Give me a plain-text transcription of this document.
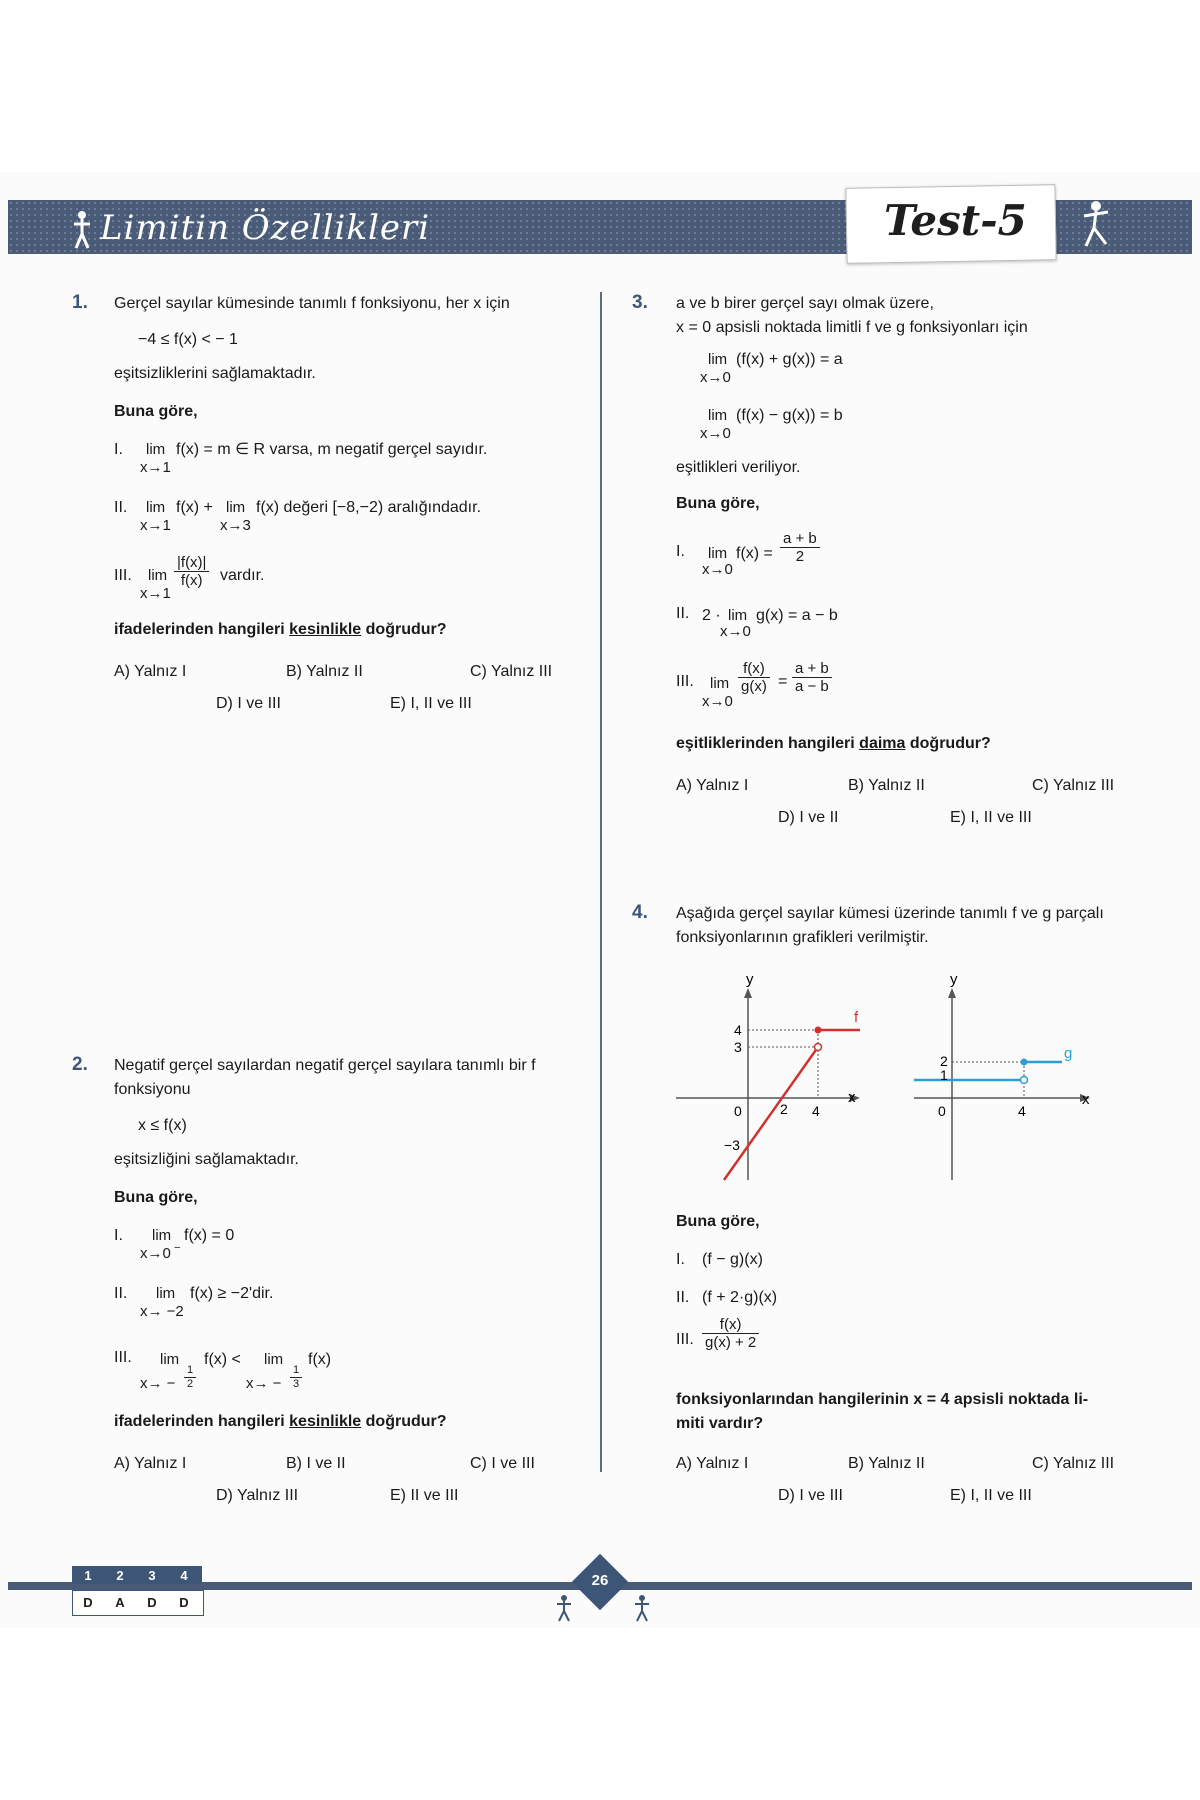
Limitin Özellikleri	Test-5
1. Gerçel sayılar kümesinde tanımlı f fonksiyonu, her x için
−4 ≤ f(x) < − 1
eşitsizliklerini sağlamaktadır.
Buna göre,
I. lim
x→1
f(x) = m ∈ R varsa, m negatif gerçel sayıdır.
II. lim
x→1
f(x) + lim
x→3
f(x) değeri [−8,−2) aralığındadır.
III. lim
x→1
$\frac{|f(x)|}{f(x)}$ vardır.
ifadelerinden hangileri kesinlikle doğrudur?
A) Yalnız I	B) Yalnız II	C) Yalnız III
D) I ve III	E) I, II ve III
2. Negatif gerçel sayılardan negatif gerçel sayılara tanımlı bir f
fonksiyonu
x ≤ f(x)
eşitsizliğini sağlamaktadır.
Buna göre,
I. lim
x→0 −
f(x) = 0
II. lim
x→ −2
f(x) ≥ −2'dir.
III. lim
$x\to - \frac{1}{2}$
f(x) < lim
$x\to - \frac{1}{3}$
f(x)
ifadelerinden hangileri kesinlikle doğrudur?
A) Yalnız I	B) I ve II	C) I ve III
D) Yalnız III	E) II ve III
3. a ve b birer gerçel sayı olmak üzere,
x = 0 apsisli noktada limitli f ve g fonksiyonları için
lim
x→0
(f(x) + g(x)) = a
lim
x→0
(f(x) − g(x)) = b
eşitlikleri veriliyor.
Buna göre,
I. lim
x→0
$f(x) = \frac{a + b}{2}$
II. 2 · lim
x→0
g(x) = a − b
III. lim
x→0
$\frac{f(x)}{g(x)} = \frac{a + b}{a - b}$
eşitliklerinden hangileri daima doğrudur?
A) Yalnız I	B) Yalnız II	C) Yalnız III
D) I ve II	E) I, II ve III
4. Aşağıda gerçel sayılar kümesi üzerinde tanımlı f ve g parçalı
fonksiyonlarının grafikleri verilmiştir.
y
x
f
4
3
0
−3
2 4
y
x
g
2
1
0	4
Buna göre,
I. (f − g)(x)
II. (f + 2·g)(x)
III. $\frac{f(x)}{g(x) + 2}$
fonksiyonlarından hangilerinin x = 4 apsisli noktada li-
miti vardır?
A) Yalnız I	B) Yalnız II	C) Yalnız III
D) I ve III	E) I, II ve III
1	2	3	4
D	A	D	D
26
